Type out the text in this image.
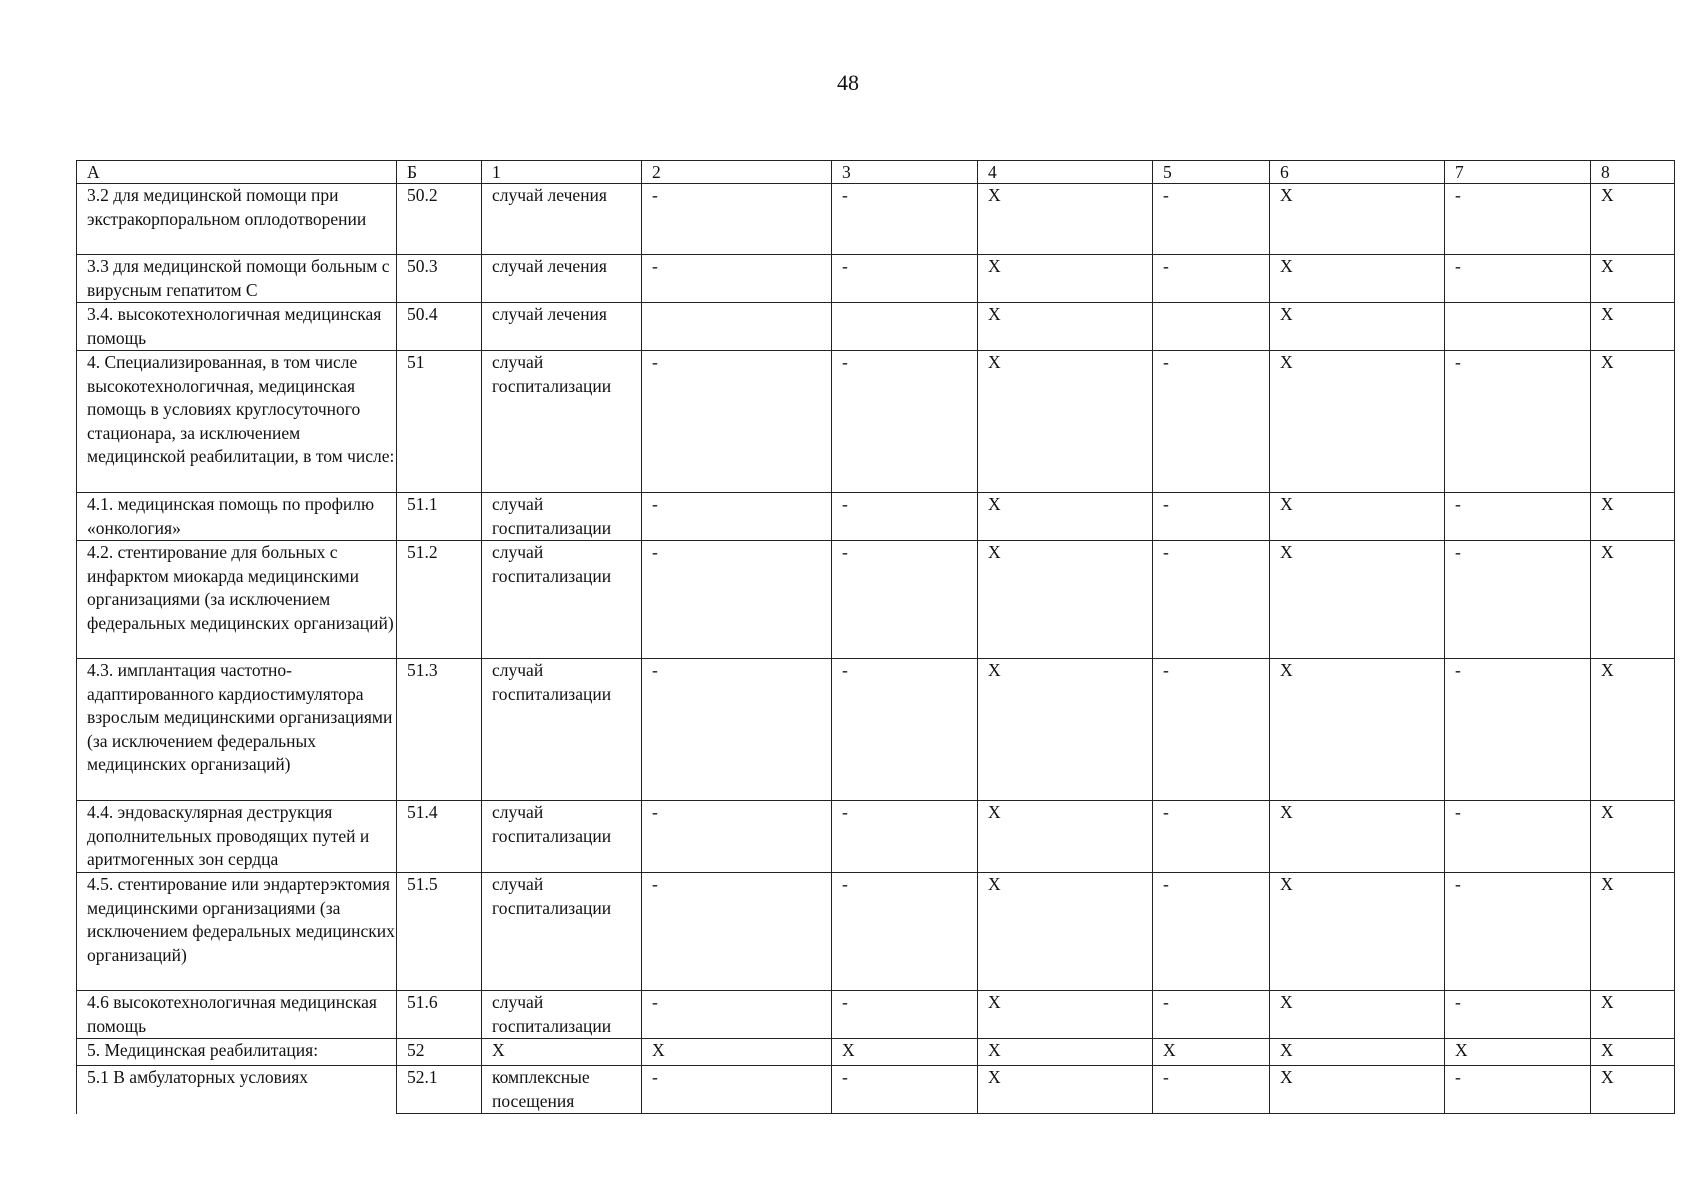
48
А	Б	1	2	3	4	5	6	7	8
3.2 для медицинской помощи при экстракорпоральном оплодотворении	50.2	случай лечения	-	-	X	-	X	-	X
3.3 для медицинской помощи больным с вирусным гепатитом С	50.3	случай лечения	-	-	X	-	X	-	X
3.4. высокотехнологичная медицинская помощь	50.4	случай лечения			X		X		X
4. Специализированная, в том числе высокотехнологичная, медицинская помощь в условиях круглосуточного стационара, за исключением медицинской реабилитации, в том числе:	51	случай госпитализации	-	-	X	-	X	-	X
4.1. медицинская помощь по профилю «онкология»	51.1	случай госпитализации	-	-	X	-	X	-	X
4.2. стентирование для больных с инфарктом миокарда медицинскими организациями (за исключением федеральных медицинских организаций)	51.2	случай госпитализации	-	-	X	-	X	-	X
4.3. имплантация частотно-адаптированного кардиостимулятора взрослым медицинскими организациями (за исключением федеральных медицинских организаций)	51.3	случай госпитализации	-	-	X	-	X	-	X
4.4. эндоваскулярная деструкция дополнительных проводящих путей и аритмогенных зон сердца	51.4	случай госпитализации	-	-	X	-	X	-	X
4.5. стентирование или эндартерэктомия медицинскими организациями (за исключением федеральных медицинских организаций)	51.5	случай госпитализации	-	-	X	-	X	-	X
4.6 высокотехнологичная медицинская помощь	51.6	случай госпитализации	-	-	X	-	X	-	X
5. Медицинская реабилитация:	52	X	X	X	X	X	X	X	X
5.1 В амбулаторных условиях	52.1	комплексные посещения	-	-	X	-	X	-	X
